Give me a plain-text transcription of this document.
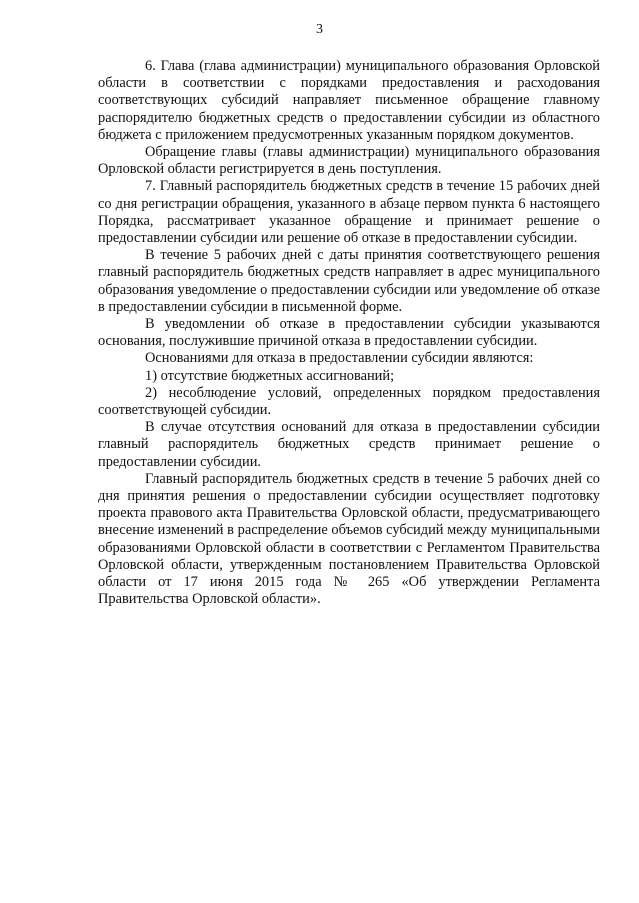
3

6. Глава (глава администрации) муниципального образования Орловской области в соответствии с порядками предоставления и расходования соответствующих субсидий направляет письменное обращение главному распорядителю бюджетных средств о предоставлении субсидии из областного бюджета с приложением предусмотренных указанным порядком документов.

Обращение главы (главы администрации) муниципального образования Орловской области регистрируется в день поступления.

7. Главный распорядитель бюджетных средств в течение 15 рабочих дней со дня регистрации обращения, указанного в абзаце первом пункта 6 настоящего Порядка, рассматривает указанное обращение и принимает решение о предоставлении субсидии или решение об отказе в предоставлении субсидии.

В течение 5 рабочих дней с даты принятия соответствующего решения главный распорядитель бюджетных средств направляет в адрес муниципального образования уведомление о предоставлении субсидии или уведомление об отказе в предоставлении субсидии в письменной форме.

В уведомлении об отказе в предоставлении субсидии указываются основания, послужившие причиной отказа в предоставлении субсидии.

Основаниями для отказа в предоставлении субсидии являются:

1) отсутствие бюджетных ассигнований;

2) несоблюдение условий, определенных порядком предоставления соответствующей субсидии.

В случае отсутствия оснований для отказа в предоставлении субсидии главный распорядитель бюджетных средств принимает решение о предоставлении субсидии.

Главный распорядитель бюджетных средств в течение 5 рабочих дней со дня принятия решения о предоставлении субсидии осуществляет подготовку проекта правового акта Правительства Орловской области, предусматривающего внесение изменений в распределение объемов субсидий между муниципальными образованиями Орловской области в соответствии с Регламентом Правительства Орловской области, утвержденным постановлением Правительства Орловской области от 17 июня 2015 года № 265 «Об утверждении Регламента Правительства Орловской области».
